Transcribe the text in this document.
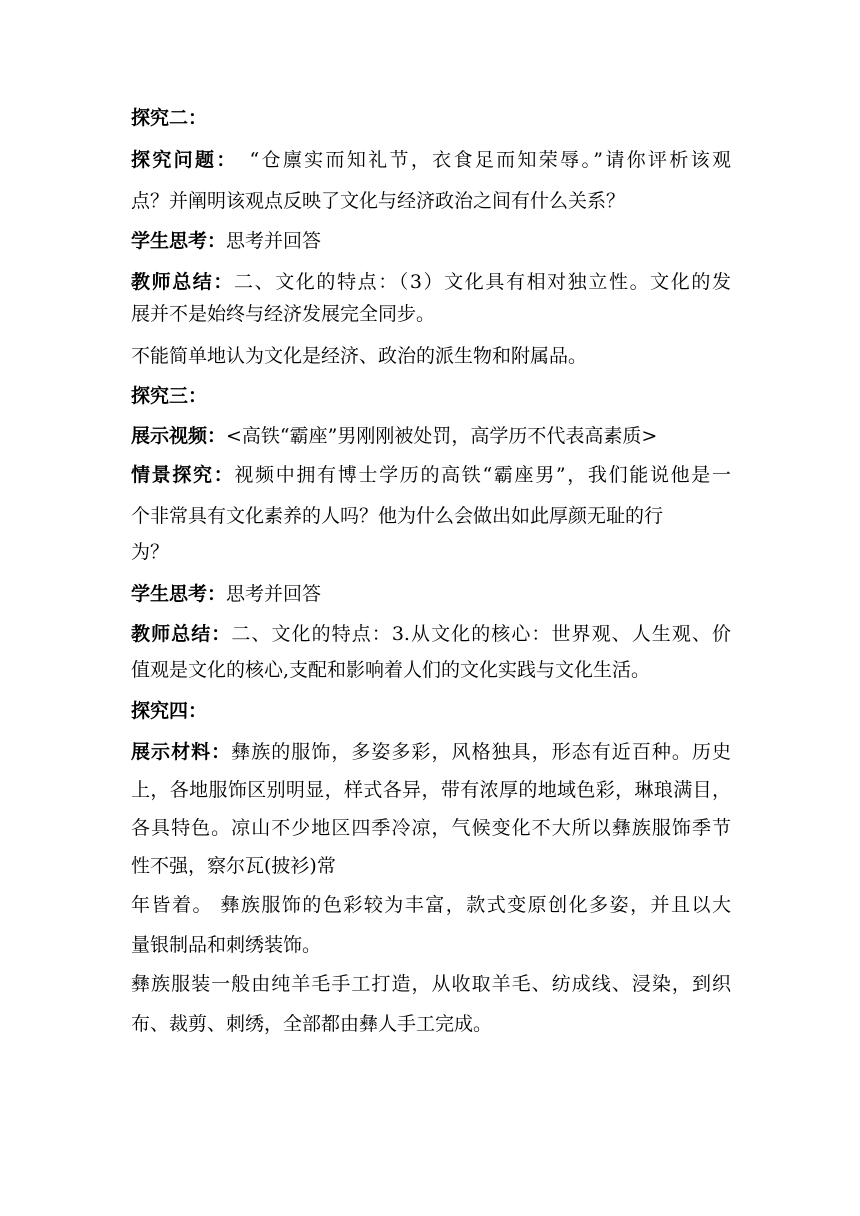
探究二：
探究问题：　“仓廪实而知礼节，衣食足而知荣辱。”请你评析该观
点？并阐明该观点反映了文化与经济政治之间有什么关系？
学生思考：思考并回答
教师总结：二、文化的特点：（3）文化具有相对独立性。文化的发
展并不是始终与经济发展完全同步。
不能简单地认为文化是经济、政治的派生物和附属品。
探究三：
展示视频：<高铁“霸座”男刚刚被处罚，高学历不代表高素质>
情景探究：视频中拥有博士学历的高铁“霸座男”，我们能说他是一
个非常具有文化素养的人吗？他为什么会做出如此厚颜无耻的行
为？
学生思考：思考并回答
教师总结：二、文化的特点：3.从文化的核心：世界观、人生观、价
值观是文化的核心,支配和影响着人们的文化实践与文化生活。
探究四：
展示材料：彝族的服饰，多姿多彩，风格独具，形态有近百种。历史
上，各地服饰区别明显，样式各异，带有浓厚的地域色彩，琳琅满目，
各具特色。凉山不少地区四季冷凉，气候变化不大所以彝族服饰季节
性不强，察尔瓦(披衫)常
年皆着。 彝族服饰的色彩较为丰富，款式变原创化多姿，并且以大
量银制品和刺绣装饰。
彝族服装一般由纯羊毛手工打造，从收取羊毛、纺成线、浸染，到织
布、裁剪、刺绣，全部都由彝人手工完成。
